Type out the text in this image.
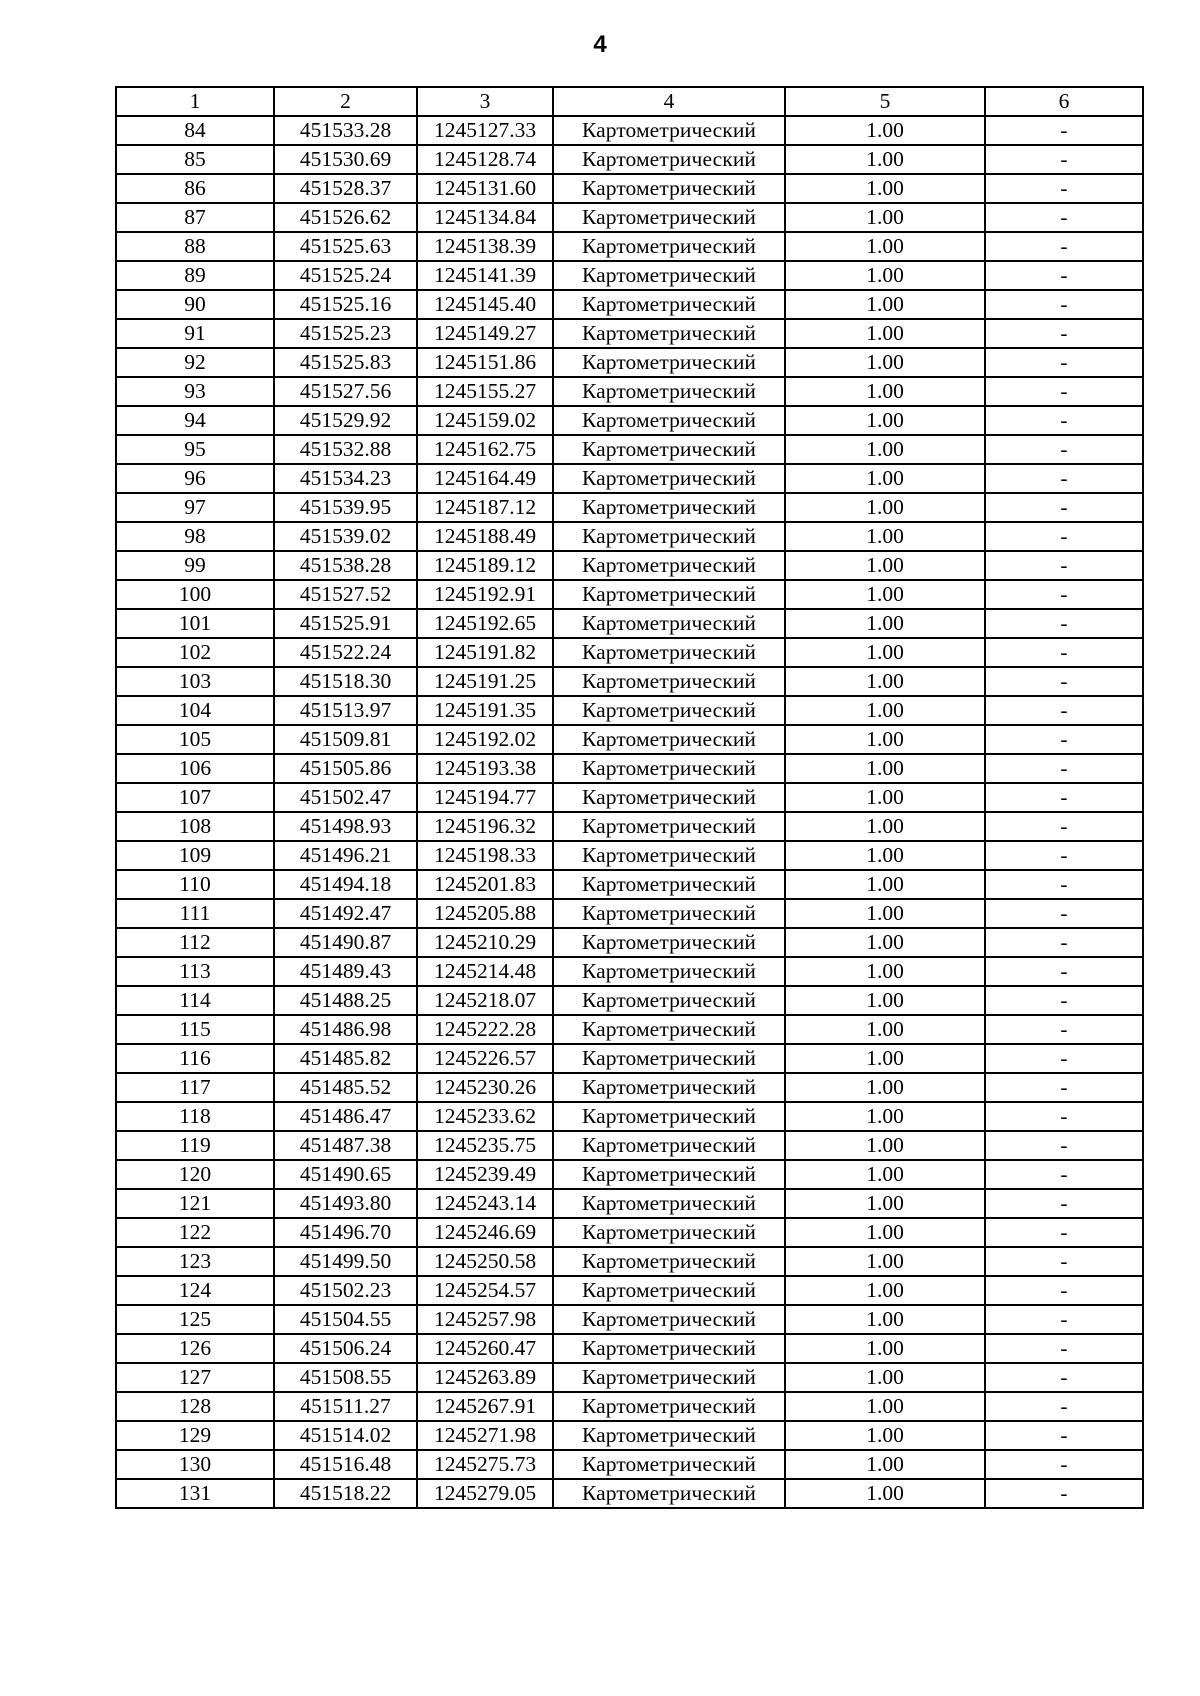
4
1	2	3	4	5	6
84	451533.28	1245127.33	Картометрический	1.00	-
85	451530.69	1245128.74	Картометрический	1.00	-
86	451528.37	1245131.60	Картометрический	1.00	-
87	451526.62	1245134.84	Картометрический	1.00	-
88	451525.63	1245138.39	Картометрический	1.00	-
89	451525.24	1245141.39	Картометрический	1.00	-
90	451525.16	1245145.40	Картометрический	1.00	-
91	451525.23	1245149.27	Картометрический	1.00	-
92	451525.83	1245151.86	Картометрический	1.00	-
93	451527.56	1245155.27	Картометрический	1.00	-
94	451529.92	1245159.02	Картометрический	1.00	-
95	451532.88	1245162.75	Картометрический	1.00	-
96	451534.23	1245164.49	Картометрический	1.00	-
97	451539.95	1245187.12	Картометрический	1.00	-
98	451539.02	1245188.49	Картометрический	1.00	-
99	451538.28	1245189.12	Картометрический	1.00	-
100	451527.52	1245192.91	Картометрический	1.00	-
101	451525.91	1245192.65	Картометрический	1.00	-
102	451522.24	1245191.82	Картометрический	1.00	-
103	451518.30	1245191.25	Картометрический	1.00	-
104	451513.97	1245191.35	Картометрический	1.00	-
105	451509.81	1245192.02	Картометрический	1.00	-
106	451505.86	1245193.38	Картометрический	1.00	-
107	451502.47	1245194.77	Картометрический	1.00	-
108	451498.93	1245196.32	Картометрический	1.00	-
109	451496.21	1245198.33	Картометрический	1.00	-
110	451494.18	1245201.83	Картометрический	1.00	-
111	451492.47	1245205.88	Картометрический	1.00	-
112	451490.87	1245210.29	Картометрический	1.00	-
113	451489.43	1245214.48	Картометрический	1.00	-
114	451488.25	1245218.07	Картометрический	1.00	-
115	451486.98	1245222.28	Картометрический	1.00	-
116	451485.82	1245226.57	Картометрический	1.00	-
117	451485.52	1245230.26	Картометрический	1.00	-
118	451486.47	1245233.62	Картометрический	1.00	-
119	451487.38	1245235.75	Картометрический	1.00	-
120	451490.65	1245239.49	Картометрический	1.00	-
121	451493.80	1245243.14	Картометрический	1.00	-
122	451496.70	1245246.69	Картометрический	1.00	-
123	451499.50	1245250.58	Картометрический	1.00	-
124	451502.23	1245254.57	Картометрический	1.00	-
125	451504.55	1245257.98	Картометрический	1.00	-
126	451506.24	1245260.47	Картометрический	1.00	-
127	451508.55	1245263.89	Картометрический	1.00	-
128	451511.27	1245267.91	Картометрический	1.00	-
129	451514.02	1245271.98	Картометрический	1.00	-
130	451516.48	1245275.73	Картометрический	1.00	-
131	451518.22	1245279.05	Картометрический	1.00	-
